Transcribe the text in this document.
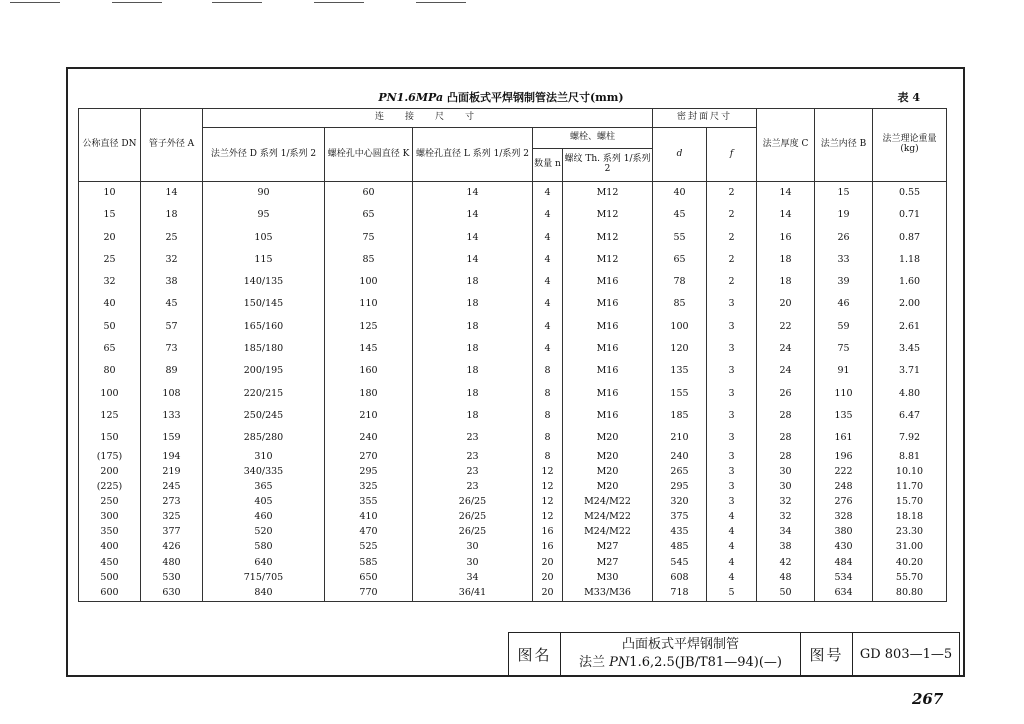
PN1.6MPa 凸面板式平焊钢制管法兰尺寸(mm)	表 4
公称直径 DN	管子外径 A	连　接　尺　寸					密封面尺寸		法兰厚度 C	法兰内径 B	法兰理论重量 (kg)
		法兰外径 D 系列 1/系列 2	螺栓孔中心圆直径 K	螺栓孔直径 L 系列 1/系列 2	螺栓、螺柱		d	f			
					数量 n	螺纹 Th. 系列 1/系列 2					
10	14	90	60	14	4	M12	40	2	14	15	0.55
15	18	95	65	14	4	M12	45	2	14	19	0.71
20	25	105	75	14	4	M12	55	2	16	26	0.87
25	32	115	85	14	4	M12	65	2	18	33	1.18
32	38	140/135	100	18	4	M16	78	2	18	39	1.60
40	45	150/145	110	18	4	M16	85	3	20	46	2.00
50	57	165/160	125	18	4	M16	100	3	22	59	2.61
65	73	185/180	145	18	4	M16	120	3	24	75	3.45
80	89	200/195	160	18	8	M16	135	3	24	91	3.71
100	108	220/215	180	18	8	M16	155	3	26	110	4.80
125	133	250/245	210	18	8	M16	185	3	28	135	6.47
150	159	285/280	240	23	8	M20	210	3	28	161	7.92
(175)	194	310	270	23	8	M20	240	3	28	196	8.81
200	219	340/335	295	23	12	M20	265	3	30	222	10.10
(225)	245	365	325	23	12	M20	295	3	30	248	11.70
250	273	405	355	26/25	12	M24/M22	320	3	32	276	15.70
300	325	460	410	26/25	12	M24/M22	375	4	32	328	18.18
350	377	520	470	26/25	16	M24/M22	435	4	34	380	23.30
400	426	580	525	30	16	M27	485	4	38	430	31.00
450	480	640	585	30	20	M27	545	4	42	484	40.20
500	530	715/705	650	34	20	M30	608	4	48	534	55.70
600	630	840	770	36/41	20	M33/M36	718	5	50	634	80.80
图名	
凸面板式平焊钢制管
法兰 PN1.6,2.5(JB/T81—94)(—)	图号	GD 803—1—5
267
